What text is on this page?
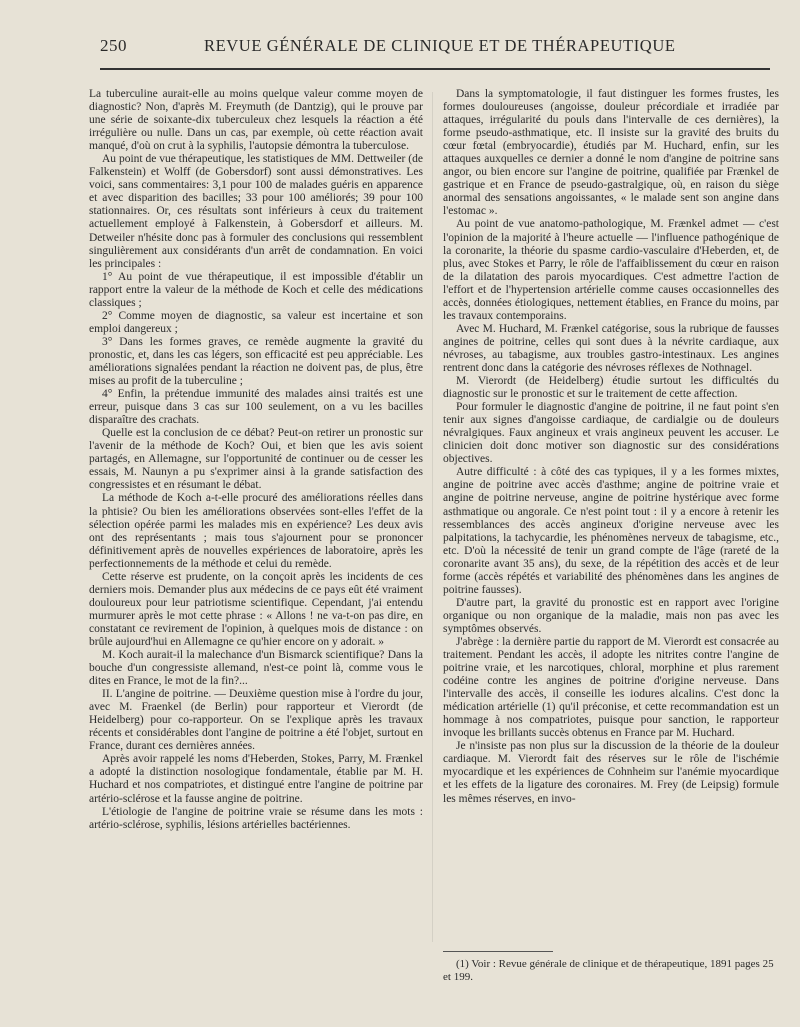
250	REVUE GÉNÉRALE DE CLINIQUE ET DE THÉRAPEUTIQUE

La tuberculine aurait-elle au moins quelque valeur comme moyen de diagnostic? Non, d'après M. Freymuth (de Dantzig), qui le prouve par une série de soixante-dix tuberculeux chez lesquels la réaction a été irrégulière ou nulle. Dans un cas, par exemple, où cette réaction avait manqué, d'où on crut à la syphilis, l'autopsie démontra la tuberculose.

Au point de vue thérapeutique, les statistiques de MM. Dettweiler (de Falkenstein) et Wolff (de Gobersdorf) sont aussi démonstratives. Les voici, sans commentaires: 3,1 pour 100 de malades guéris en apparence et avec disparition des bacilles; 33 pour 100 améliorés; 39 pour 100 stationnaires. Or, ces résultats sont inférieurs à ceux du traitement actuellement employé à Falkenstein, à Gobersdorf et ailleurs. M. Detweiler n'hésite donc pas à formuler des conclusions qui ressemblent singulièrement aux considérants d'un arrêt de condamnation. En voici les principales :

1° Au point de vue thérapeutique, il est impossible d'établir un rapport entre la valeur de la méthode de Koch et celle des médications classiques ;

2° Comme moyen de diagnostic, sa valeur est incertaine et son emploi dangereux ;

3° Dans les formes graves, ce remède augmente la gravité du pronostic, et, dans les cas légers, son efficacité est peu appréciable. Les améliorations signalées pendant la réaction ne doivent pas, de plus, être mises au profit de la tuberculine ;

4° Enfin, la prétendue immunité des malades ainsi traités est une erreur, puisque dans 3 cas sur 100 seulement, on a vu les bacilles disparaître des crachats.

Quelle est la conclusion de ce débat? Peut-on retirer un pronostic sur l'avenir de la méthode de Koch? Oui, et bien que les avis soient partagés, en Allemagne, sur l'opportunité de continuer ou de cesser les essais, M. Naunyn a pu s'exprimer ainsi à la grande satisfaction des congressistes et en résumant le débat.

La méthode de Koch a-t-elle procuré des améliorations réelles dans la phtisie? Ou bien les améliorations observées sont-elles l'effet de la sélection opérée parmi les malades mis en expérience? Les deux avis ont des représentants ; mais tous s'ajournent pour se prononcer définitivement après de nouvelles expériences de laboratoire, après les perfectionnements de la méthode et celui du remède.

Cette réserve est prudente, on la conçoit après les incidents de ces derniers mois. Demander plus aux médecins de ce pays eût été vraiment douloureux pour leur patriotisme scientifique. Cependant, j'ai entendu murmurer après le mot cette phrase : « Allons ! ne va-t-on pas dire, en constatant ce revirement de l'opinion, à quelques mois de distance : on brûle aujourd'hui en Allemagne ce qu'hier encore on y adorait. »

M. Koch aurait-il la malechance d'un Bismarck scientifique? Dans la bouche d'un congressiste allemand, n'est-ce point là, comme vous le dites en France, le mot de la fin?...

II. L'angine de poitrine. — Deuxième question mise à l'ordre du jour, avec M. Fraenkel (de Berlin) pour rapporteur et Vierordt (de Heidelberg) pour co-rapporteur. On se l'explique après les travaux récents et considérables dont l'angine de poitrine a été l'objet, surtout en France, durant ces dernières années.

Après avoir rappelé les noms d'Heberden, Stokes, Parry, M. Frænkel a adopté la distinction nosologique fondamentale, établie par M. H. Huchard et nos compatriotes, et distingué entre l'angine de poitrine par artério-sclérose et la fausse angine de poitrine.

L'étiologie de l'angine de poitrine vraie se résume dans les mots : artério-sclérose, syphilis, lésions artérielles bactériennes.

Dans la symptomatologie, il faut distinguer les formes frustes, les formes douloureuses (angoisse, douleur précordiale et irradiée par attaques, irrégularité du pouls dans l'intervalle de ces dernières), la forme pseudo-asthmatique, etc. Il insiste sur la gravité des bruits du cœur fœtal (embryocardie), étudiés par M. Huchard, enfin, sur les attaques auxquelles ce dernier a donné le nom d'angine de poitrine sans angor, ou bien encore sur l'angine de poitrine, qualifiée par Frænkel de gastrique et en France de pseudo-gastralgique, où, en raison du siège anormal des sensations angoissantes, « le malade sent son angine dans l'estomac ».

Au point de vue anatomo-pathologique, M. Frænkel admet — c'est l'opinion de la majorité à l'heure actuelle — l'influence pathogénique de la coronarite, la théorie du spasme cardio-vasculaire d'Heberden, et, de plus, avec Stokes et Parry, le rôle de l'affaiblissement du cœur en raison de la dilatation des parois myocardiques. C'est admettre l'action de l'effort et de l'hypertension artérielle comme causes occasionnelles des accès, données étiologiques, nettement établies, en France du moins, par les travaux contemporains.

Avec M. Huchard, M. Frænkel catégorise, sous la rubrique de fausses angines de poitrine, celles qui sont dues à la névrite cardiaque, aux névroses, au tabagisme, aux troubles gastro-intestinaux. Les angines rentrent donc dans la catégorie des névroses réflexes de Nothnagel.

M. Vierordt (de Heidelberg) étudie surtout les difficultés du diagnostic sur le pronostic et sur le traitement de cette affection.

Pour formuler le diagnostic d'angine de poitrine, il ne faut point s'en tenir aux signes d'angoisse cardiaque, de cardialgie ou de douleurs névralgiques. Faux angineux et vrais angineux peuvent les accuser. Le clinicien doit donc motiver son diagnostic sur des considérations objectives.

Autre difficulté : à côté des cas typiques, il y a les formes mixtes, angine de poitrine avec accès d'asthme; angine de poitrine vraie et angine de poitrine nerveuse, angine de poitrine hystérique avec forme asthmatique ou angorale. Ce n'est point tout : il y a encore à retenir les ressemblances des accès angineux d'origine nerveuse avec les palpitations, la tachycardie, les phénomènes nerveux de tabagisme, etc., etc. D'où la nécessité de tenir un grand compte de l'âge (rareté de la coronarite avant 35 ans), du sexe, de la répétition des accès et de leur forme (accès répétés et variabilité des phénomènes dans les angines de poitrine fausses).

D'autre part, la gravité du pronostic est en rapport avec l'origine organique ou non organique de la maladie, mais non pas avec les symptômes observés.

J'abrège : la dernière partie du rapport de M. Vierordt est consacrée au traitement. Pendant les accès, il adopte les nitrites contre l'angine de poitrine vraie, et les narcotiques, chloral, morphine et plus rarement codéine contre les angines de poitrine d'origine nerveuse. Dans l'intervalle des accès, il conseille les iodures alcalins. C'est donc la médication artérielle (1) qu'il préconise, et cette recommandation est un hommage à nos compatriotes, puisque pour sanction, le rapporteur invoque les brillants succès obtenus en France par M. Huchard.

Je n'insiste pas non plus sur la discussion de la théorie de la douleur cardiaque. M. Vierordt fait des réserves sur le rôle de l'ischémie myocardique et les expériences de Cohnheim sur l'anémie myocardique et les effets de la ligature des coronaires. M. Frey (de Leipsig) formule les mêmes réserves, en invo-

(1) Voir : Revue générale de clinique et de thérapeutique, 1891 pages 25 et 199.
